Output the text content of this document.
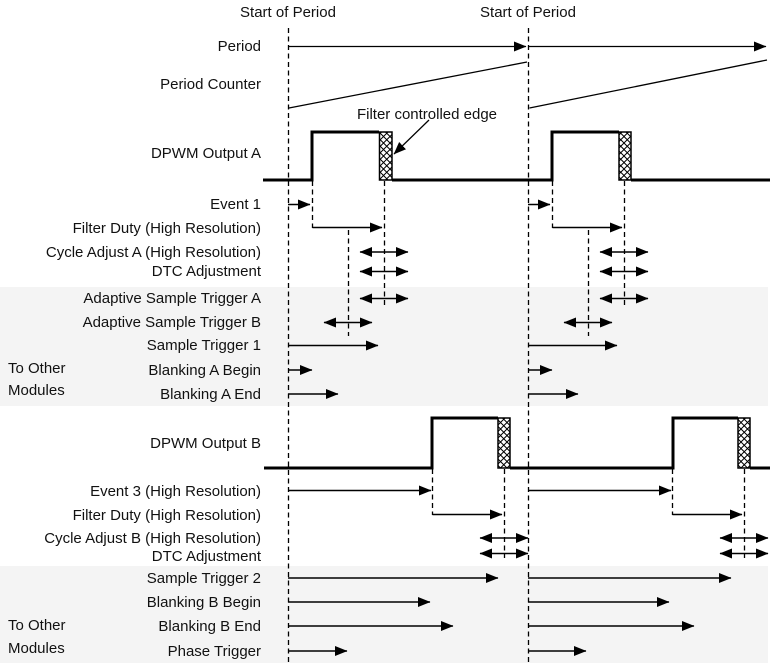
Start of Period	Start of Period
Period
Period Counter
Filter controlled edge
DPWM Output A
Event 1
Filter Duty (High Resolution)
Cycle Adjust A (High Resolution)
DTC Adjustment
Adaptive Sample Trigger A
Adaptive Sample Trigger B
Sample Trigger 1
Blanking A Begin
Blanking A End
To Other
Modules
DPWM Output B
Event 3 (High Resolution)
Filter Duty (High Resolution)
Cycle Adjust B (High Resolution)
DTC Adjustment
Sample Trigger 2
Blanking B Begin
Blanking B End
Phase Trigger
To Other
Modules
